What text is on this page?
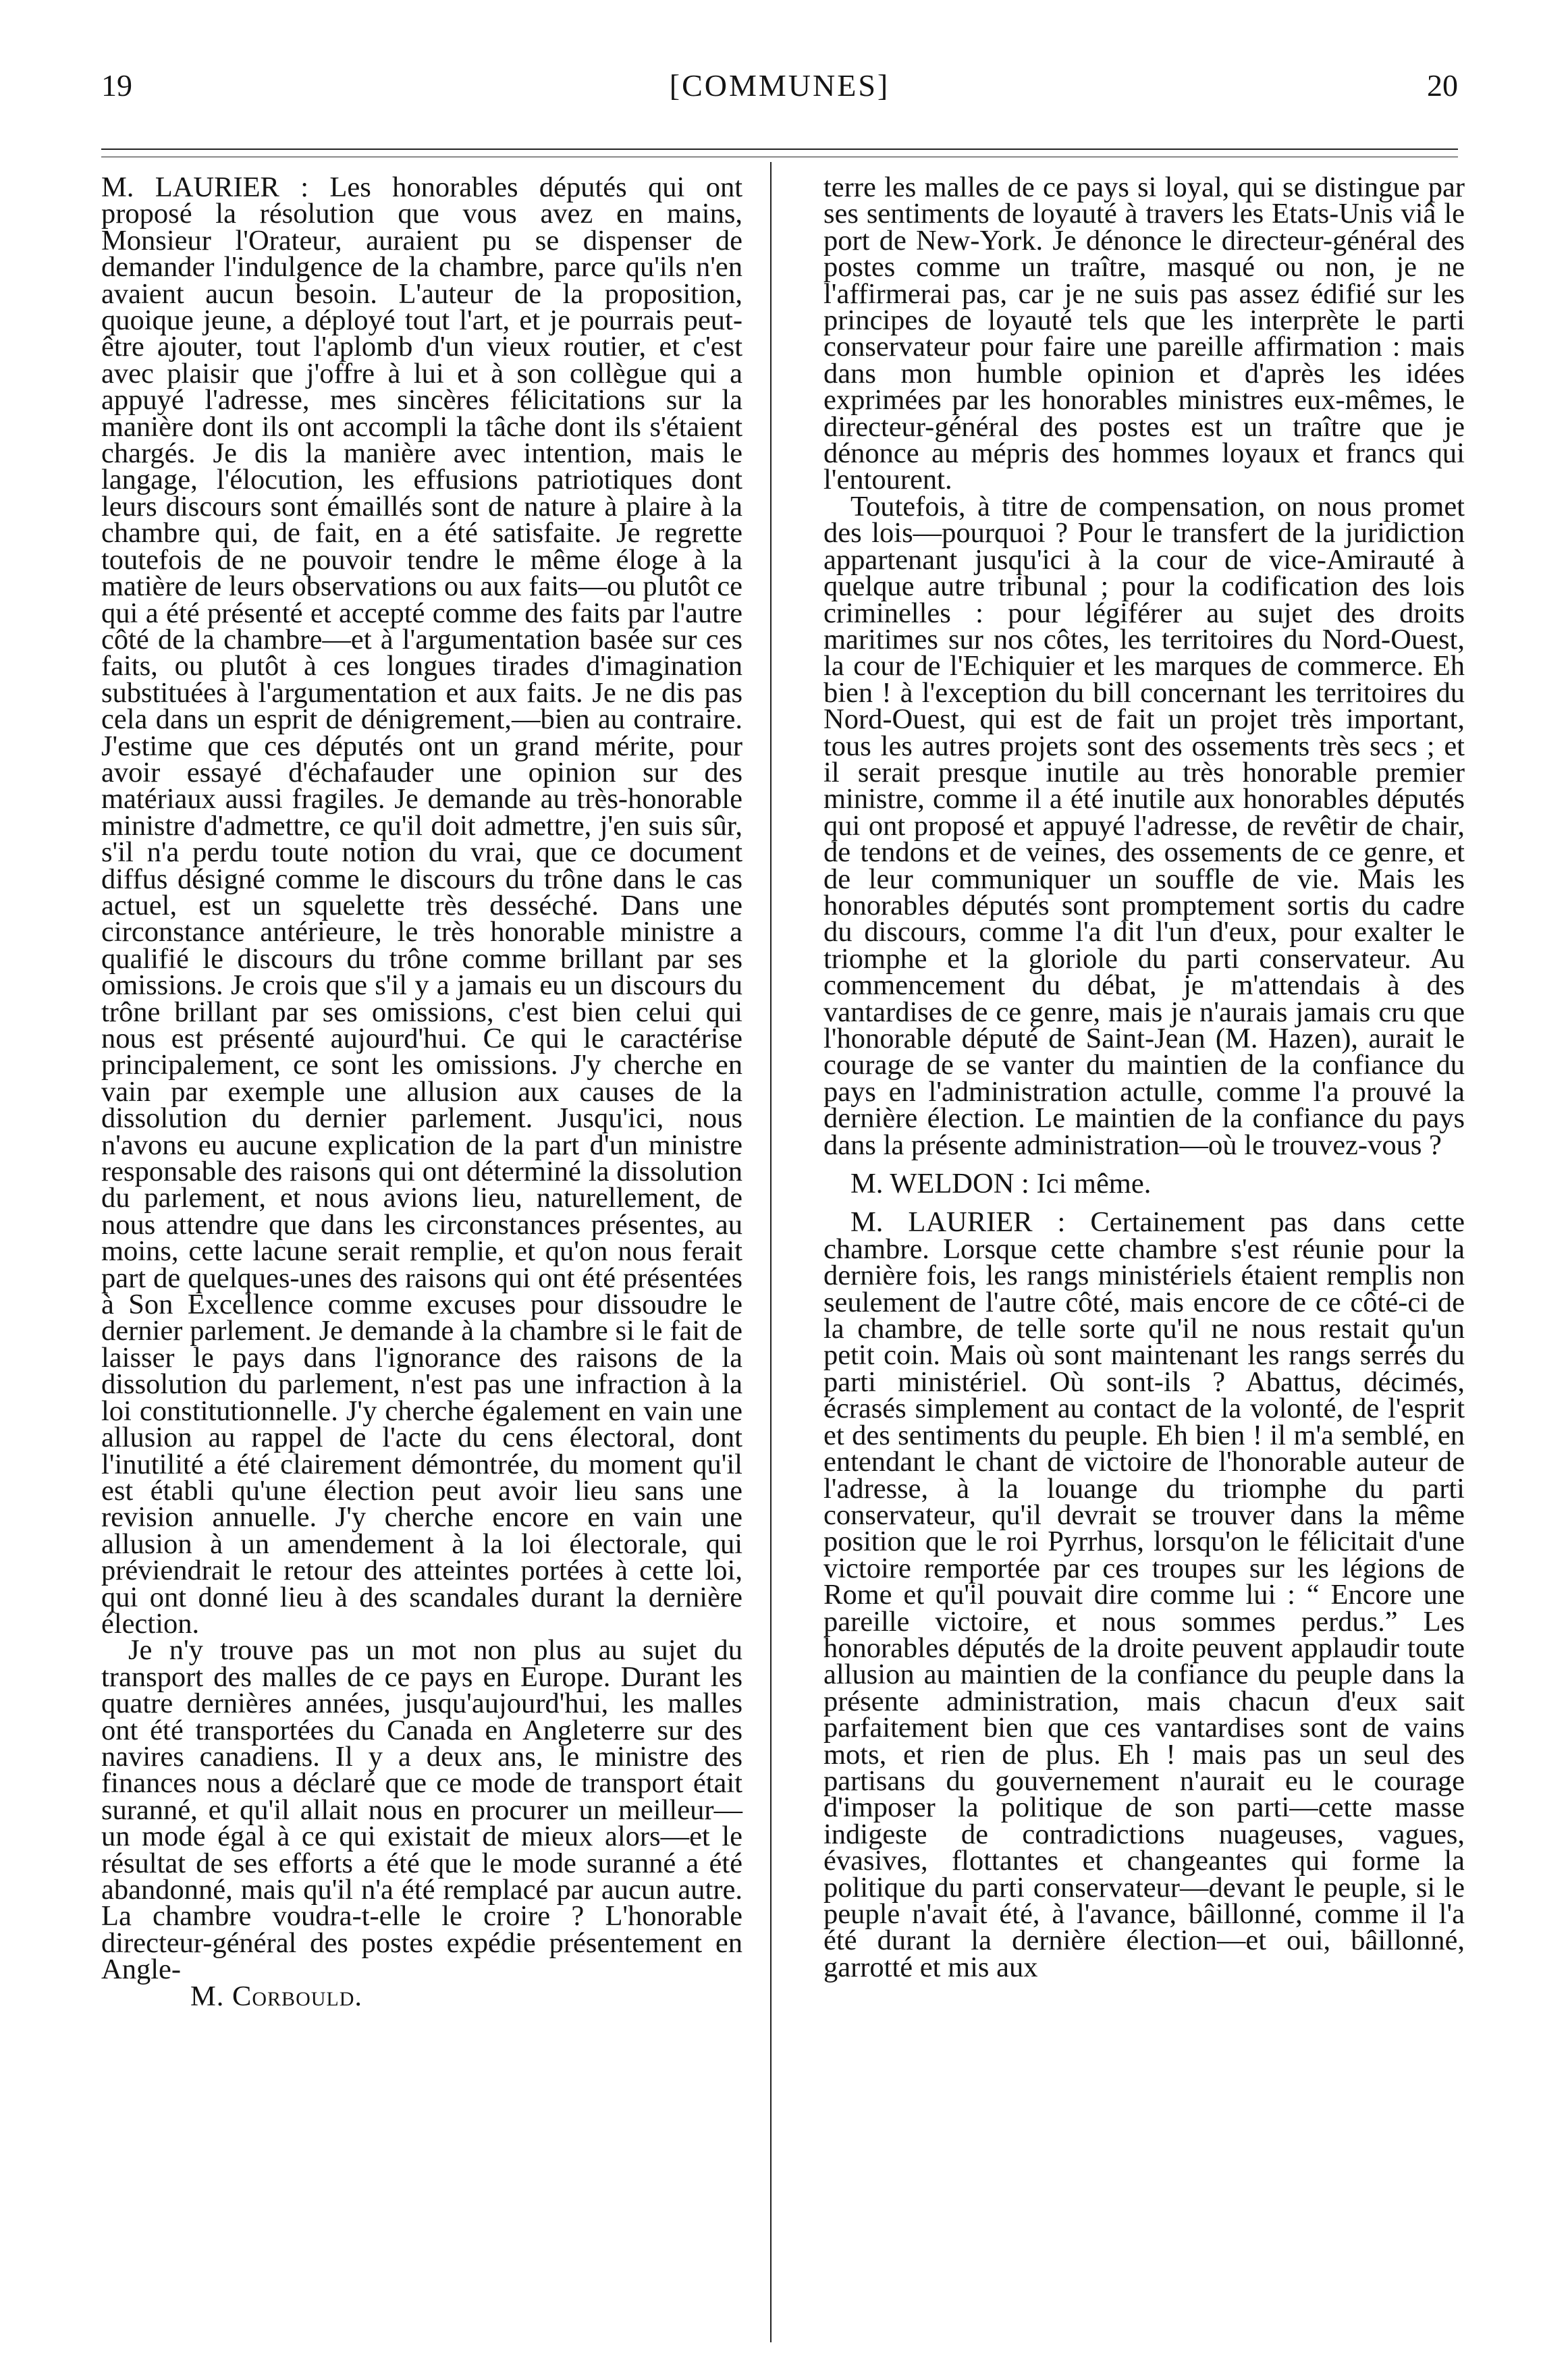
19	[COMMUNES]	20

M. LAURIER : Les honorables députés qui ont proposé la résolution que vous avez en mains, Monsieur l'Orateur, auraient pu se dispenser de demander l'indulgence de la chambre, parce qu'ils n'en avaient aucun besoin. L'auteur de la proposition, quoique jeune, a déployé tout l'art, et je pourrais peut-être ajouter, tout l'aplomb d'un vieux routier, et c'est avec plaisir que j'offre à lui et à son collègue qui a appuyé l'adresse, mes sincères félicitations sur la manière dont ils ont accompli la tâche dont ils s'étaient chargés. Je dis la manière avec intention, mais le langage, l'élocution, les effusions patriotiques dont leurs discours sont émaillés sont de nature à plaire à la chambre qui, de fait, en a été satisfaite. Je regrette toutefois de ne pouvoir tendre le même éloge à la matière de leurs observations ou aux faits—ou plutôt ce qui a été présenté et accepté comme des faits par l'autre côté de la chambre—et à l'argumentation basée sur ces faits, ou plutôt à ces longues tirades d'imagination substituées à l'argumentation et aux faits. Je ne dis pas cela dans un esprit de dénigrement,—bien au contraire. J'estime que ces députés ont un grand mérite, pour avoir essayé d'échafauder une opinion sur des matériaux aussi fragiles. Je demande au très-honorable ministre d'admettre, ce qu'il doit admettre, j'en suis sûr, s'il n'a perdu toute notion du vrai, que ce document diffus désigné comme le discours du trône dans le cas actuel, est un squelette très desséché. Dans une circonstance antérieure, le très honorable ministre a qualifié le discours du trône comme brillant par ses omissions. Je crois que s'il y a jamais eu un discours du trône brillant par ses omissions, c'est bien celui qui nous est présenté aujourd'hui. Ce qui le caractérise principalement, ce sont les omissions. J'y cherche en vain par exemple une allusion aux causes de la dissolution du dernier parlement. Jusqu'ici, nous n'avons eu aucune explication de la part d'un ministre responsable des raisons qui ont déterminé la dissolution du parlement, et nous avions lieu, naturellement, de nous attendre que dans les circonstances présentes, au moins, cette lacune serait remplie, et qu'on nous ferait part de quelques-unes des raisons qui ont été présentées à Son Excellence comme excuses pour dissoudre le dernier parlement. Je demande à la chambre si le fait de laisser le pays dans l'ignorance des raisons de la dissolution du parlement, n'est pas une infraction à la loi constitutionnelle. J'y cherche également en vain une allusion au rappel de l'acte du cens électoral, dont l'inutilité a été clairement démontrée, du moment qu'il est établi qu'une élection peut avoir lieu sans une revision annuelle. J'y cherche encore en vain une allusion à un amendement à la loi électorale, qui préviendrait le retour des atteintes portées à cette loi, qui ont donné lieu à des scandales durant la dernière élection.

Je n'y trouve pas un mot non plus au sujet du transport des malles de ce pays en Europe. Durant les quatre dernières années, jusqu'aujourd'hui, les malles ont été transportées du Canada en Angleterre sur des navires canadiens. Il y a deux ans, le ministre des finances nous a déclaré que ce mode de transport était suranné, et qu'il allait nous en procurer un meilleur—un mode égal à ce qui existait de mieux alors—et le résultat de ses efforts a été que le mode suranné a été abandonné, mais qu'il n'a été remplacé par aucun autre. La chambre voudra-t-elle le croire ? L'honorable directeur-général des postes expédie présentement en Angle-

M. Corbould.

terre les malles de ce pays si loyal, qui se distingue par ses sentiments de loyauté à travers les Etats-Unis viâ le port de New-York. Je dénonce le directeur-général des postes comme un traître, masqué ou non, je ne l'affirmerai pas, car je ne suis pas assez édifié sur les principes de loyauté tels que les interprète le parti conservateur pour faire une pareille affirmation : mais dans mon humble opinion et d'après les idées exprimées par les honorables ministres eux-mêmes, le directeur-général des postes est un traître que je dénonce au mépris des hommes loyaux et francs qui l'entourent.

Toutefois, à titre de compensation, on nous promet des lois—pourquoi ? Pour le transfert de la juridiction appartenant jusqu'ici à la cour de vice-Amirauté à quelque autre tribunal ; pour la codification des lois criminelles : pour légiférer au sujet des droits maritimes sur nos côtes, les territoires du Nord-Ouest, la cour de l'Echiquier et les marques de commerce. Eh bien ! à l'exception du bill concernant les territoires du Nord-Ouest, qui est de fait un projet très important, tous les autres projets sont des ossements très secs ; et il serait presque inutile au très honorable premier ministre, comme il a été inutile aux honorables députés qui ont proposé et appuyé l'adresse, de revêtir de chair, de tendons et de veines, des ossements de ce genre, et de leur communiquer un souffle de vie. Mais les honorables députés sont promptement sortis du cadre du discours, comme l'a dit l'un d'eux, pour exalter le triomphe et la gloriole du parti conservateur. Au commencement du débat, je m'attendais à des vantardises de ce genre, mais je n'aurais jamais cru que l'honorable député de Saint-Jean (M. Hazen), aurait le courage de se vanter du maintien de la confiance du pays en l'administration actulle, comme l'a prouvé la dernière élection. Le maintien de la confiance du pays dans la présente administration—où le trouvez-vous ?

M. WELDON : Ici même.

M. LAURIER : Certainement pas dans cette chambre. Lorsque cette chambre s'est réunie pour la dernière fois, les rangs ministériels étaient remplis non seulement de l'autre côté, mais encore de ce côté-ci de la chambre, de telle sorte qu'il ne nous restait qu'un petit coin. Mais où sont maintenant les rangs serrés du parti ministériel. Où sont-ils ? Abattus, décimés, écrasés simplement au contact de la volonté, de l'esprit et des sentiments du peuple. Eh bien ! il m'a semblé, en entendant le chant de victoire de l'honorable auteur de l'adresse, à la louange du triomphe du parti conservateur, qu'il devrait se trouver dans la même position que le roi Pyrrhus, lorsqu'on le félicitait d'une victoire remportée par ces troupes sur les légions de Rome et qu'il pouvait dire comme lui : “ Encore une pareille victoire, et nous sommes perdus.” Les honorables députés de la droite peuvent applaudir toute allusion au maintien de la confiance du peuple dans la présente administration, mais chacun d'eux sait parfaitement bien que ces vantardises sont de vains mots, et rien de plus. Eh ! mais pas un seul des partisans du gouvernement n'aurait eu le courage d'imposer la politique de son parti—cette masse indigeste de contradictions nuageuses, vagues, évasives, flottantes et changeantes qui forme la politique du parti conservateur—devant le peuple, si le peuple n'avait été, à l'avance, bâillonné, comme il l'a été durant la dernière élection—et oui, bâillonné, garrotté et mis aux
